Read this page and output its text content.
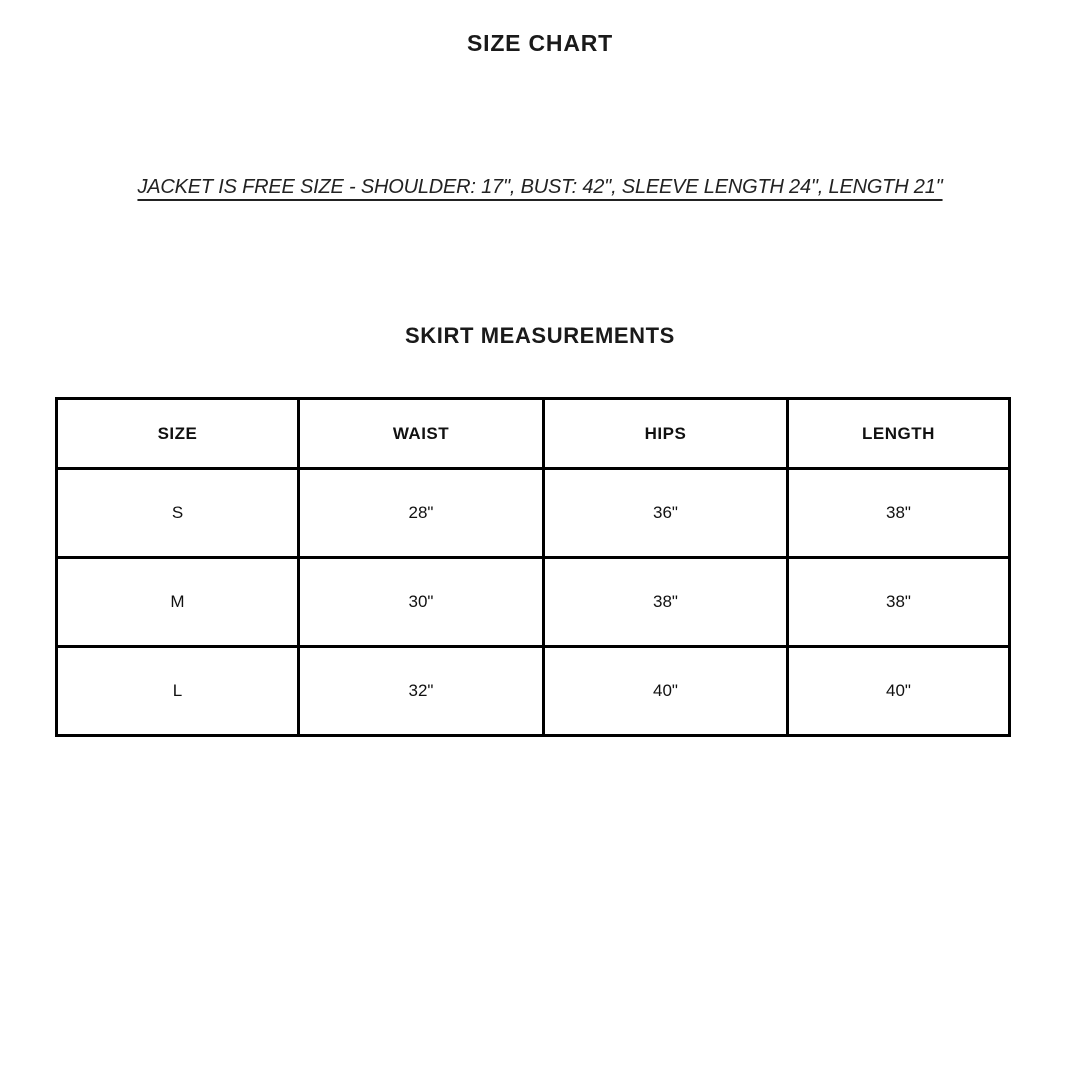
SIZE CHART
JACKET IS FREE SIZE - SHOULDER: 17", BUST: 42", SLEEVE LENGTH 24", LENGTH 21"
SKIRT MEASUREMENTS
SIZE	WAIST	HIPS	LENGTH
S	28"	36"	38"
M	30"	38"	38"
L	32"	40"	40"
